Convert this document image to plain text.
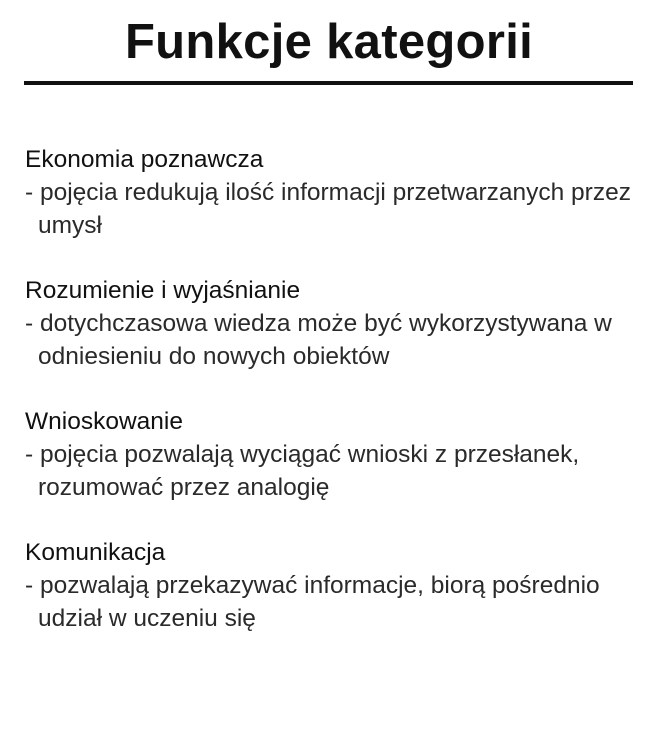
Funkcje kategorii

Ekonomia poznawcza

- pojęcia redukują ilość informacji przetwarzanych przez umysł

Rozumienie i wyjaśnianie

- dotychczasowa wiedza może być wykorzystywana w odniesieniu do nowych obiektów

Wnioskowanie

- pojęcia pozwalają wyciągać wnioski z przesłanek, rozumować przez analogię

Komunikacja

- pozwalają przekazywać informacje, biorą pośrednio udział w uczeniu się
